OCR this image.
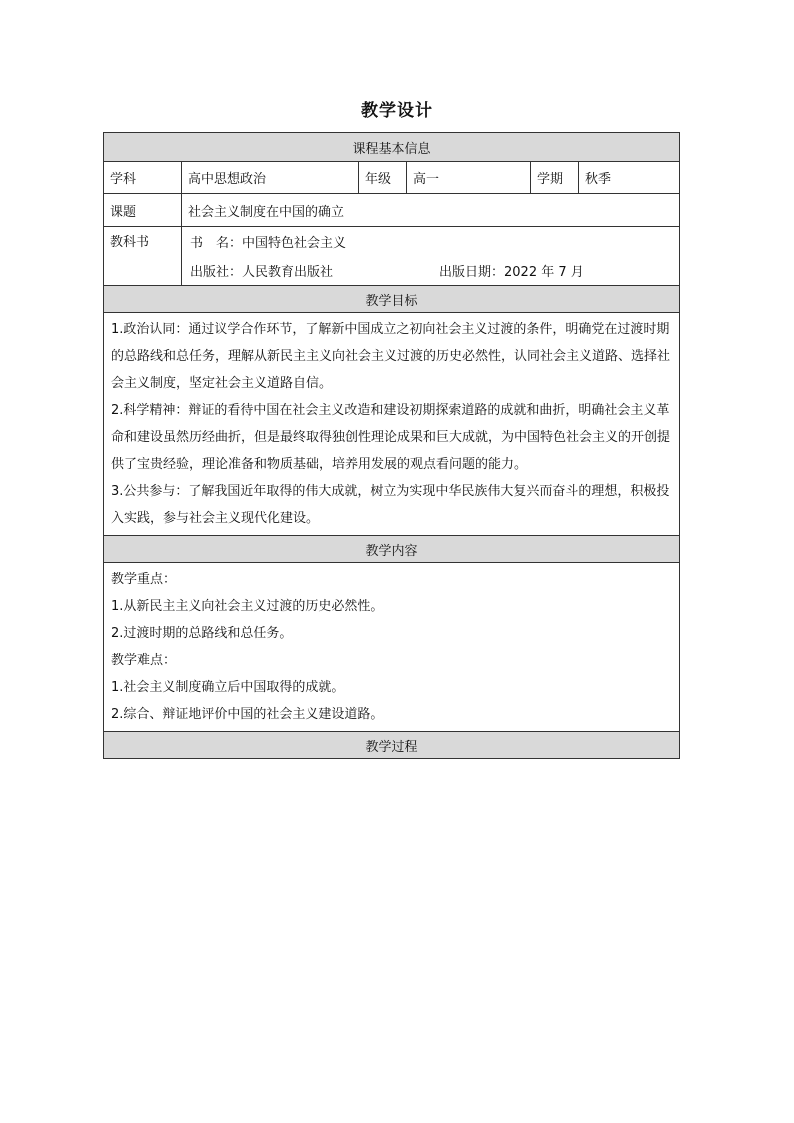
教学设计
课程基本信息
学科	高中思想政治	年级	高一	学期	秋季
课题	社会主义制度在中国的确立
教科书	书　名：中国特色社会主义
出版社：人民教育出版社	出版日期：2022 年 7 月
教学目标

1.政治认同：通过议学合作环节，了解新中国成立之初向社会主义过渡的条件，明确党在过渡时期的总路线和总任务，理解从新民主主义向社会主义过渡的历史必然性，认同社会主义道路、选择社会主义制度，坚定社会主义道路自信。

2.科学精神：辩证的看待中国在社会主义改造和建设初期探索道路的成就和曲折，明确社会主义革命和建设虽然历经曲折，但是最终取得独创性理论成果和巨大成就，为中国特色社会主义的开创提供了宝贵经验，理论准备和物质基础，培养用发展的观点看问题的能力。

3.公共参与：了解我国近年取得的伟大成就，树立为实现中华民族伟大复兴而奋斗的理想，积极投入实践，参与社会主义现代化建设。

教学内容

教学重点：

1.从新民主主义向社会主义过渡的历史必然性。

2.过渡时期的总路线和总任务。

教学难点：

1.社会主义制度确立后中国取得的成就。

2.综合、辩证地评价中国的社会主义建设道路。

教学过程
